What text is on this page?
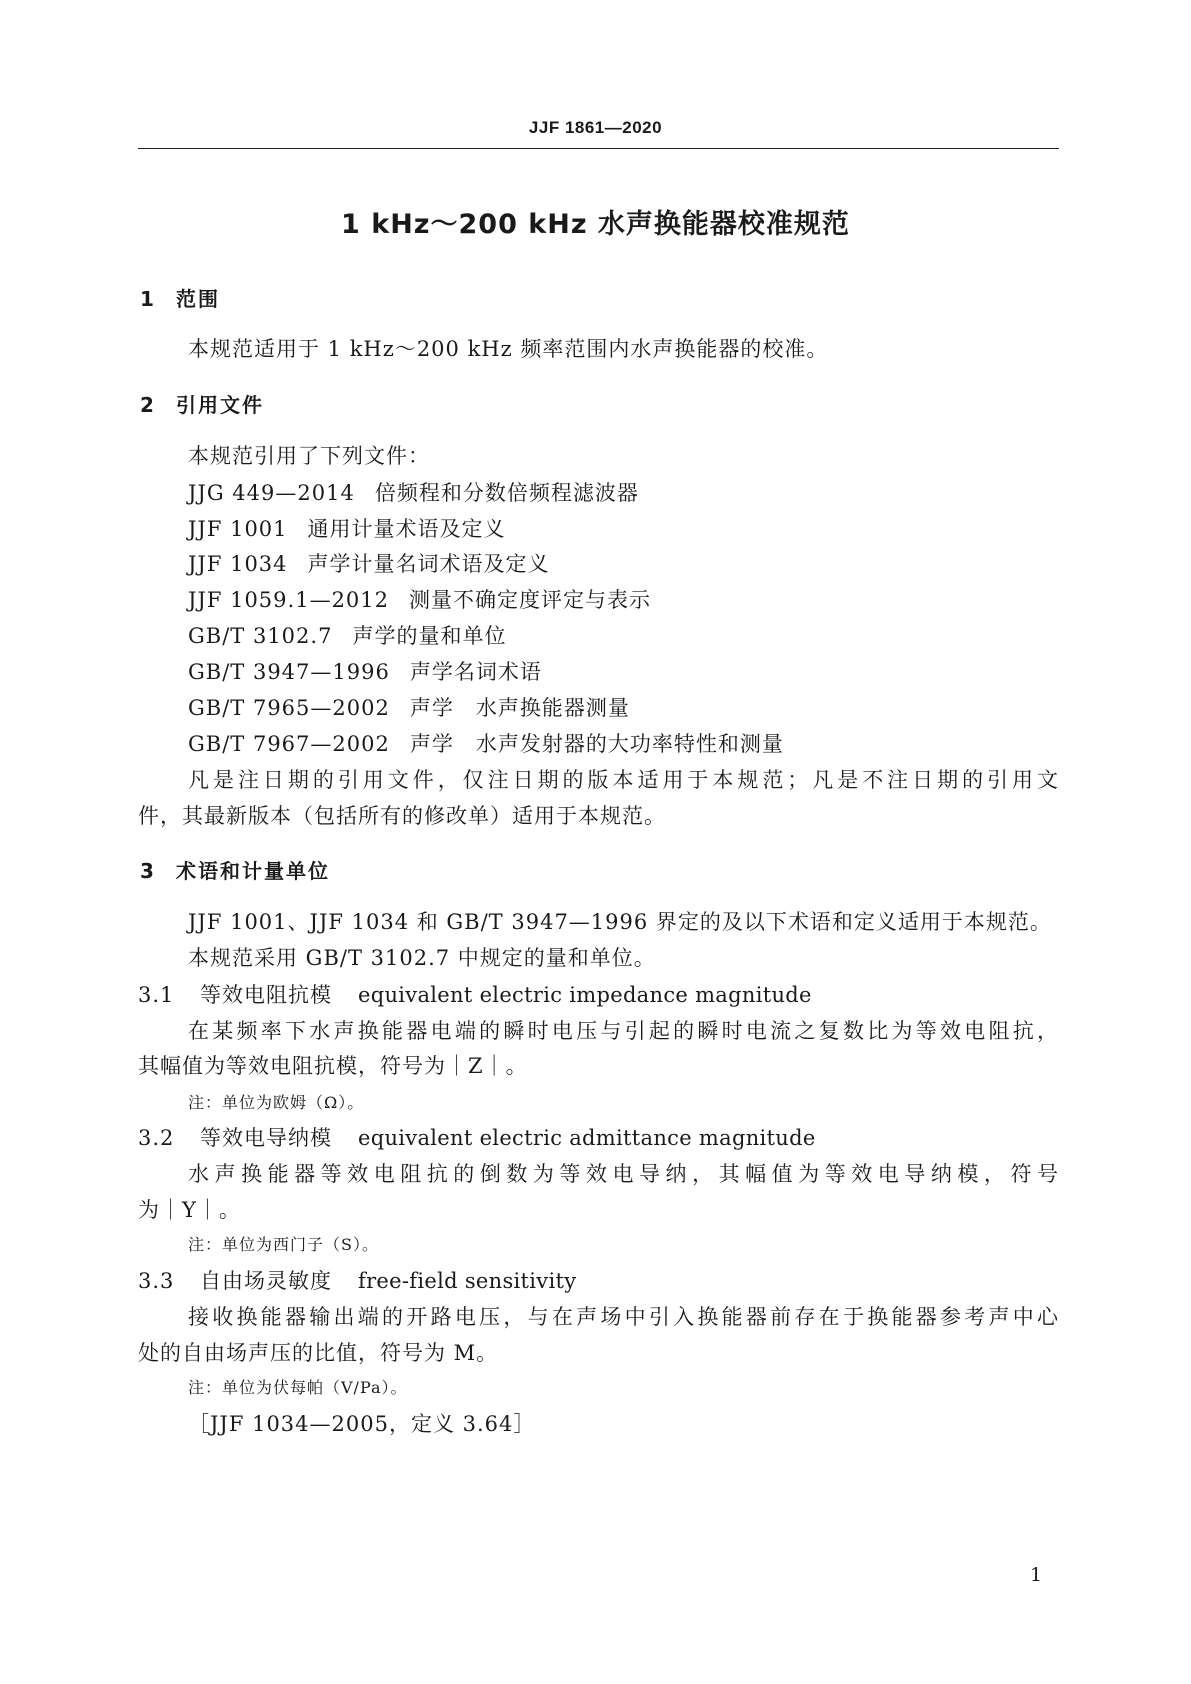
JJF 1861—2020
1 kHz～200 kHz 水声换能器校准规范
1 范围
本规范适用于 1 kHz～200 kHz 频率范围内水声换能器的校准。
2 引用文件
本规范引用了下列文件：
JJG 449—2014 倍频程和分数倍频程滤波器
JJF 1001 通用计量术语及定义
JJF 1034 声学计量名词术语及定义
JJF 1059.1—2012 测量不确定度评定与表示
GB/T 3102.7 声学的量和单位
GB/T 3947—1996 声学名词术语
GB/T 7965—2002 声学　水声换能器测量
GB/T 7967—2002 声学　水声发射器的大功率特性和测量
凡是注日期的引用文件，仅注日期的版本适用于本规范；凡是不注日期的引用文
件，其最新版本（包括所有的修改单）适用于本规范。
3 术语和计量单位
JJF 1001、JJF 1034 和 GB/T 3947—1996 界定的及以下术语和定义适用于本规范。
本规范采用 GB/T 3102.7 中规定的量和单位。
3.1 等效电阻抗模 equivalent electric impedance magnitude
在某频率下水声换能器电端的瞬时电压与引起的瞬时电流之复数比为等效电阻抗，
其幅值为等效电阻抗模，符号为｜Z｜。
注：单位为欧姆（Ω）。
3.2 等效电导纳模 equivalent electric admittance magnitude
水声换能器等效电阻抗的倒数为等效电导纳，其幅值为等效电导纳模，符号
为｜Y｜。
注：单位为西门子（S）。
3.3 自由场灵敏度 free-field sensitivity
接收换能器输出端的开路电压，与在声场中引入换能器前存在于换能器参考声中心
处的自由场声压的比值，符号为 M。
注：单位为伏每帕（V/Pa）。
［JJF 1034—2005，定义 3.64］
1
